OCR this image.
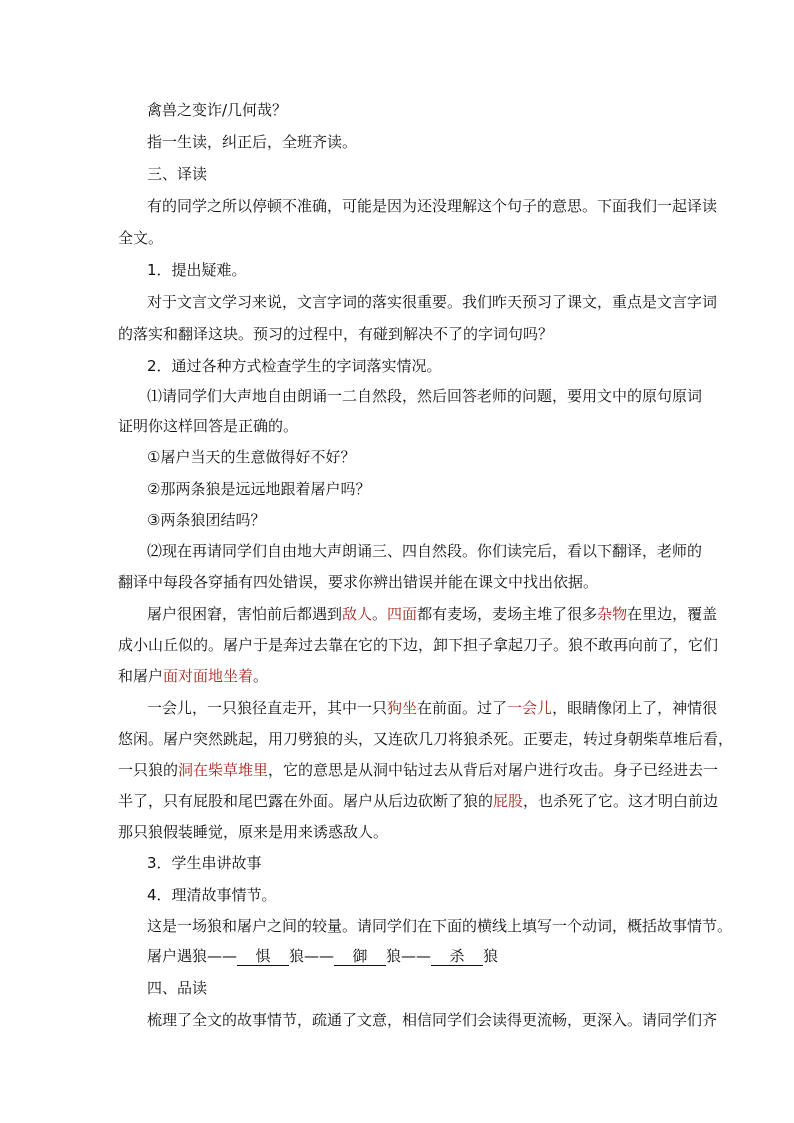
禽兽之变诈/几何哉？
指一生读，纠正后，全班齐读。
三、译读
有的同学之所以停顿不准确，可能是因为还没理解这个句子的意思。下面我们一起译读
全文。
1．提出疑难。
对于文言文学习来说，文言字词的落实很重要。我们昨天预习了课文，重点是文言字词
的落实和翻译这块。预习的过程中，有碰到解决不了的字词句吗？
2．通过各种方式检查学生的字词落实情况。
⑴请同学们大声地自由朗诵一二自然段，然后回答老师的问题，要用文中的原句原词
证明你这样回答是正确的。
①屠户当天的生意做得好不好？
②那两条狼是远远地跟着屠户吗？
③两条狼团结吗？
⑵现在再请同学们自由地大声朗诵三、四自然段。你们读完后，看以下翻译，老师的
翻译中每段各穿插有四处错误，要求你辨出错误并能在课文中找出依据。
屠户很困窘，害怕前后都遇到敌人。四面都有麦场，麦场主堆了很多杂物在里边，覆盖
成小山丘似的。屠户于是奔过去靠在它的下边，卸下担子拿起刀子。狼不敢再向前了，它们
和屠户面对面地坐着。
一会儿，一只狼径直走开，其中一只狗坐在前面。过了一会儿，眼睛像闭上了，神情很
悠闲。屠户突然跳起，用刀劈狼的头，又连砍几刀将狼杀死。正要走，转过身朝柴草堆后看，
一只狼的洞在柴草堆里，它的意思是从洞中钻过去从背后对屠户进行攻击。身子已经进去一
半了，只有屁股和尾巴露在外面。屠户从后边砍断了狼的屁股，也杀死了它。这才明白前边
那只狼假装睡觉，原来是用来诱惑敌人。
3．学生串讲故事
4．理清故事情节。
这是一场狼和屠户之间的较量。请同学们在下面的横线上填写一个动词，概括故事情节。
屠户遇狼—— 惧 狼—— 御 狼—— 杀 狼
四、品读
梳理了全文的故事情节，疏通了文意，相信同学们会读得更流畅，更深入。请同学们齐
